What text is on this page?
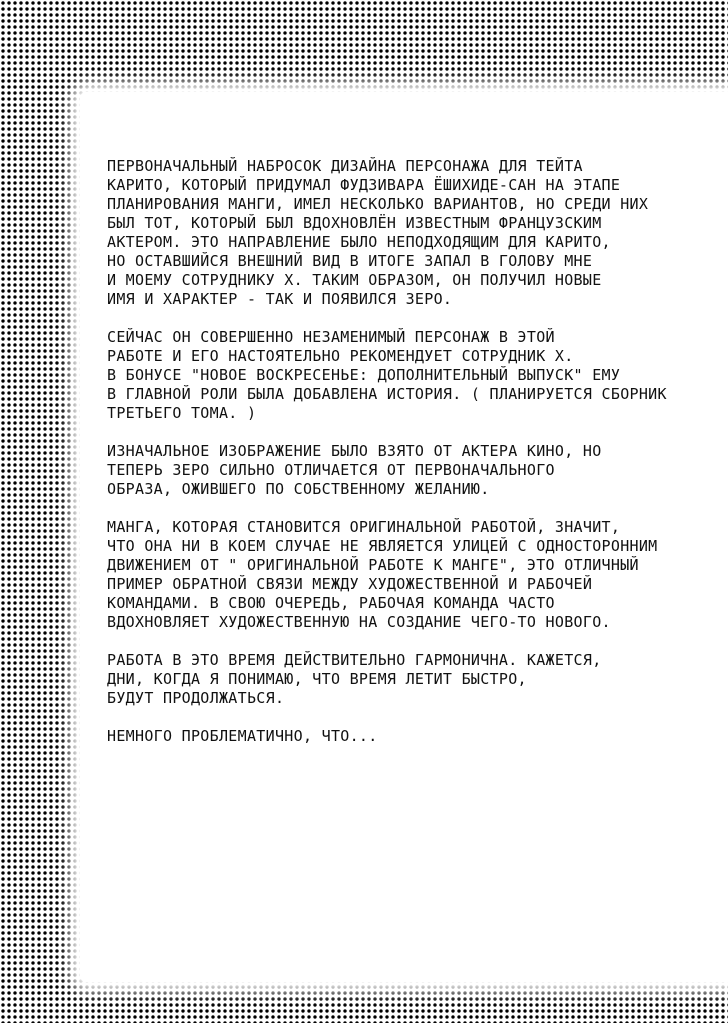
ПЕРВОНАЧАЛЬНЫЙ НАБРОСОК ДИЗАЙНА ПЕРСОНАЖА ДЛЯ ТЕЙТА
КАРИТО, КОТОРЫЙ ПРИДУМАЛ ФУДЗИВАРА ЁШИХИДЕ-САН НА ЭТАПЕ
ПЛАНИРОВАНИЯ МАНГИ, ИМЕЛ НЕСКОЛЬКО ВАРИАНТОВ, НО СРЕДИ НИХ
БЫЛ ТОТ, КОТОРЫЙ БЫЛ ВДОХНОВЛЁН ИЗВЕСТНЫМ ФРАНЦУЗСКИМ
АКТЕРОМ. ЭТО НАПРАВЛЕНИЕ БЫЛО НЕПОДХОДЯЩИМ ДЛЯ КАРИТО,
НО ОСТАВШИЙСЯ ВНЕШНИЙ ВИД В ИТОГЕ ЗАПАЛ В ГОЛОВУ МНЕ
И МОЕМУ СОТРУДНИКУ Х. ТАКИМ ОБРАЗОМ, ОН ПОЛУЧИЛ НОВЫЕ
ИМЯ И ХАРАКТЕР - ТАК И ПОЯВИЛСЯ ЗЕРО.
СЕЙЧАС ОН СОВЕРШЕННО НЕЗАМЕНИМЫЙ ПЕРСОНАЖ В ЭТОЙ
РАБОТЕ И ЕГО НАСТОЯТЕЛЬНО РЕКОМЕНДУЕТ СОТРУДНИК Х.
В БОНУСЕ "НОВОЕ ВОСКРЕСЕНЬЕ: ДОПОЛНИТЕЛЬНЫЙ ВЫПУСК" ЕМУ
В ГЛАВНОЙ РОЛИ БЫЛА ДОБАВЛЕНА ИСТОРИЯ. ( ПЛАНИРУЕТСЯ СБОРНИК
ТРЕТЬЕГО ТОМА. )
ИЗНАЧАЛЬНОЕ ИЗОБРАЖЕНИЕ БЫЛО ВЗЯТО ОТ АКТЕРА КИНО, НО
ТЕПЕРЬ ЗЕРО СИЛЬНО ОТЛИЧАЕТСЯ ОТ ПЕРВОНАЧАЛЬНОГО
ОБРАЗА, ОЖИВШЕГО ПО СОБСТВЕННОМУ ЖЕЛАНИЮ.
МАНГА, КОТОРАЯ СТАНОВИТСЯ ОРИГИНАЛЬНОЙ РАБОТОЙ, ЗНАЧИТ,
ЧТО ОНА НИ В КОЕМ СЛУЧАЕ НЕ ЯВЛЯЕТСЯ УЛИЦЕЙ С ОДНОСТОРОННИМ
ДВИЖЕНИЕМ ОТ " ОРИГИНАЛЬНОЙ РАБОТЕ К МАНГЕ", ЭТО ОТЛИЧНЫЙ
ПРИМЕР ОБРАТНОЙ СВЯЗИ МЕЖДУ ХУДОЖЕСТВЕННОЙ И РАБОЧЕЙ
КОМАНДАМИ. В СВОЮ ОЧЕРЕДЬ, РАБОЧАЯ КОМАНДА ЧАСТО
ВДОХНОВЛЯЕТ ХУДОЖЕСТВЕННУЮ НА СОЗДАНИЕ ЧЕГО-ТО НОВОГО.
РАБОТА В ЭТО ВРЕМЯ ДЕЙСТВИТЕЛЬНО ГАРМОНИЧНА. КАЖЕТСЯ,
ДНИ, КОГДА Я ПОНИМАЮ, ЧТО ВРЕМЯ ЛЕТИТ БЫСТРО,
БУДУТ ПРОДОЛЖАТЬСЯ.
НЕМНОГО ПРОБЛЕМАТИЧНО, ЧТО...
